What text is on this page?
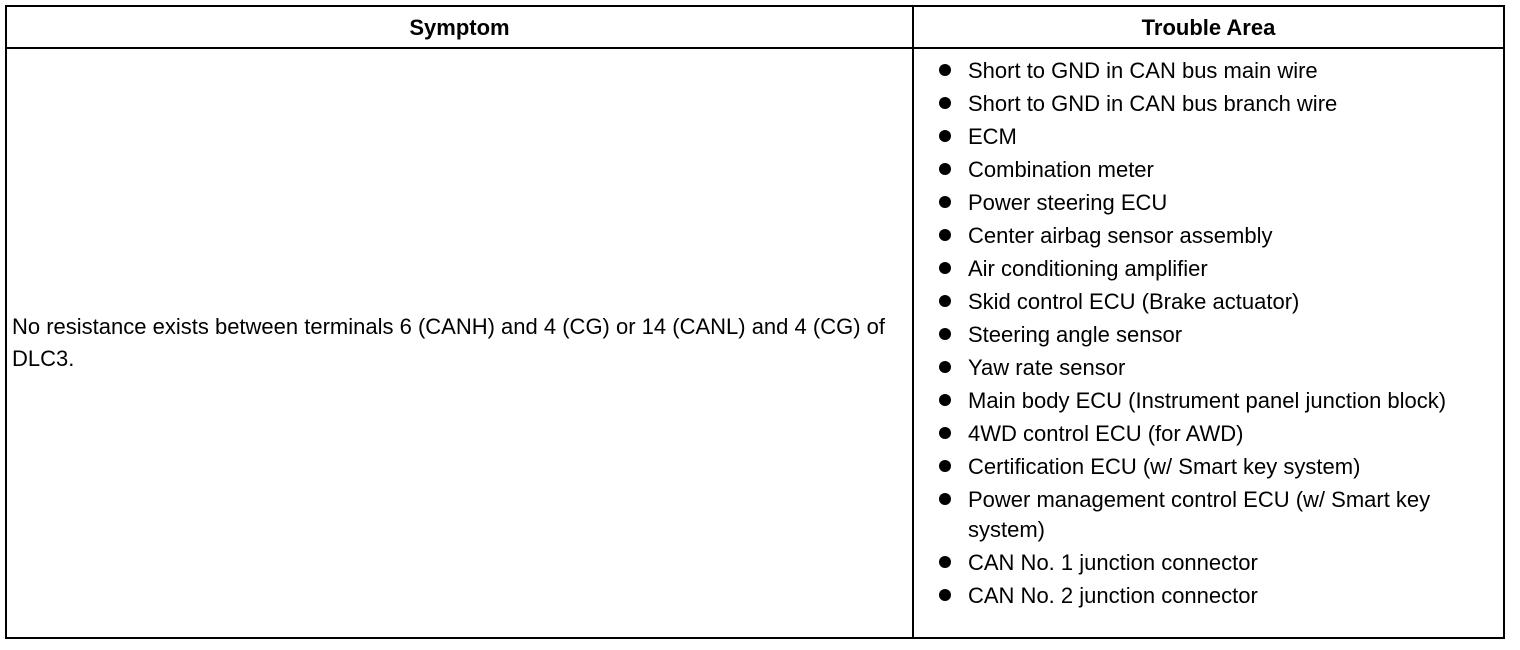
Symptom	Trouble Area
No resistance exists between terminals 6 (CANH) and 4 (CG) or 14 (CANL) and 4 (CG) of DLC3.
Short to GND in CAN bus main wire
Short to GND in CAN bus branch wire
ECM
Combination meter
Power steering ECU
Center airbag sensor assembly
Air conditioning amplifier
Skid control ECU (Brake actuator)
Steering angle sensor
Yaw rate sensor
Main body ECU (Instrument panel junction block)
4WD control ECU (for AWD)
Certification ECU (w/ Smart key system)
Power management control ECU (w/ Smart key system)
CAN No. 1 junction connector
CAN No. 2 junction connector
